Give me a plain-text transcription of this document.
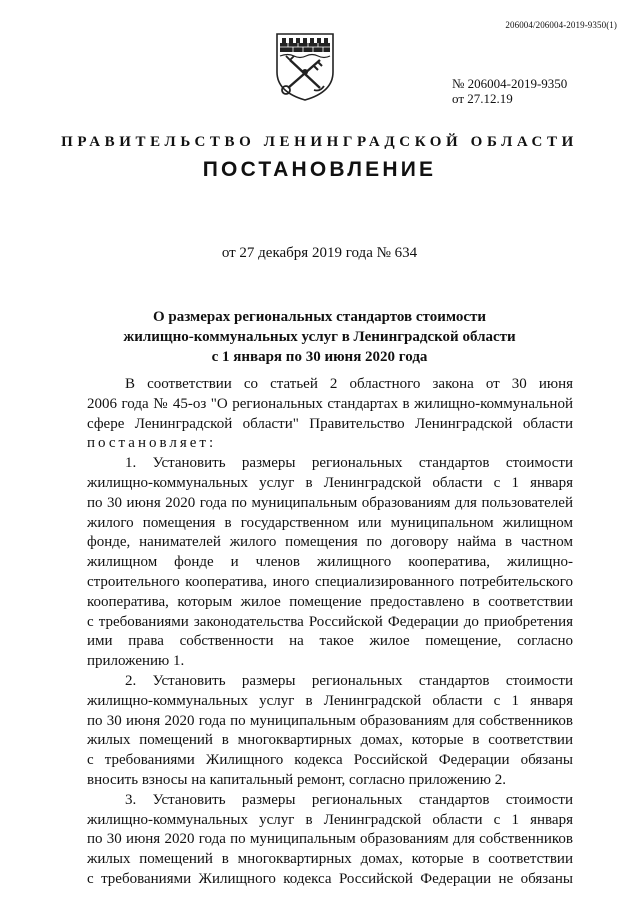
206004/206004-2019-9350(1)
№ 206004-2019-9350
от 27.12.19
ПРАВИТЕЛЬСТВО ЛЕНИНГРАДСКОЙ ОБЛАСТИ
ПОСТАНОВЛЕНИЕ
от 27 декабря 2019 года № 634
О размерах региональных стандартов стоимости
жилищно-коммунальных услуг в Ленинградской области
с 1 января по 30 июня 2020 года

В соответствии со статьей 2 областного закона от 30 июня

2006 года № 45-оз "О региональных стандартах в жилищно-коммунальной

сфере Ленинградской области" Правительство Ленинградской области

постановляет:

1. Установить размеры региональных стандартов стоимости

жилищно-коммунальных услуг в Ленинградской области с 1 января

по 30 июня 2020 года по муниципальным образованиям для пользователей

жилого помещения в государственном или муниципальном жилищном

фонде, нанимателей жилого помещения по договору найма в частном

жилищном фонде и членов жилищного кооператива, жилищно-

строительного кооператива, иного специализированного потребительского

кооператива, которым жилое помещение предоставлено в соответствии

с требованиями законодательства Российской Федерации до приобретения

ими права собственности на такое жилое помещение, согласно

приложению 1.

2. Установить размеры региональных стандартов стоимости

жилищно-коммунальных услуг в Ленинградской области с 1 января

по 30 июня 2020 года по муниципальным образованиям для собственников

жилых помещений в многоквартирных домах, которые в соответствии

с требованиями Жилищного кодекса Российской Федерации обязаны

вносить взносы на капитальный ремонт, согласно приложению 2.

3. Установить размеры региональных стандартов стоимости

жилищно-коммунальных услуг в Ленинградской области с 1 января

по 30 июня 2020 года по муниципальным образованиям для собственников

жилых помещений в многоквартирных домах, которые в соответствии

с требованиями Жилищного кодекса Российской Федерации не обязаны
